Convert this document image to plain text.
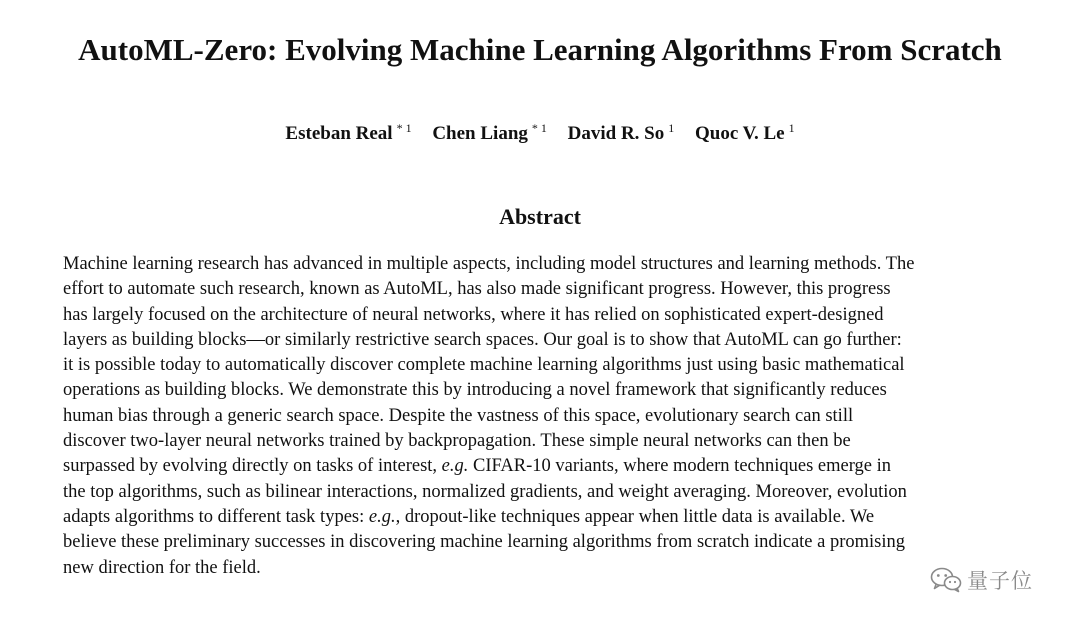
AutoML-Zero: Evolving Machine Learning Algorithms From Scratch
Esteban Real $^{* 1}$ Chen Liang $^{* 1}$ David R. So $^1$ Quoc V. Le $^1$
Abstract
Machine learning research has advanced in multiple aspects, including model structures and learning methods. The
effort to automate such research, known as AutoML, has also made significant progress. However, this progress
has largely focused on the architecture of neural networks, where it has relied on sophisticated expert-designed
layers as building blocks—or similarly restrictive search spaces. Our goal is to show that AutoML can go further:
it is possible today to automatically discover complete machine learning algorithms just using basic mathematical
operations as building blocks. We demonstrate this by introducing a novel framework that significantly reduces
human bias through a generic search space. Despite the vastness of this space, evolutionary search can still
discover two-layer neural networks trained by backpropagation. These simple neural networks can then be
surpassed by evolving directly on tasks of interest, e.g. CIFAR-10 variants, where modern techniques emerge in
the top algorithms, such as bilinear interactions, normalized gradients, and weight averaging. Moreover, evolution
adapts algorithms to different task types: e.g., dropout-like techniques appear when little data is available. We
believe these preliminary successes in discovering machine learning algorithms from scratch indicate a promising
new direction for the field.
量子位
